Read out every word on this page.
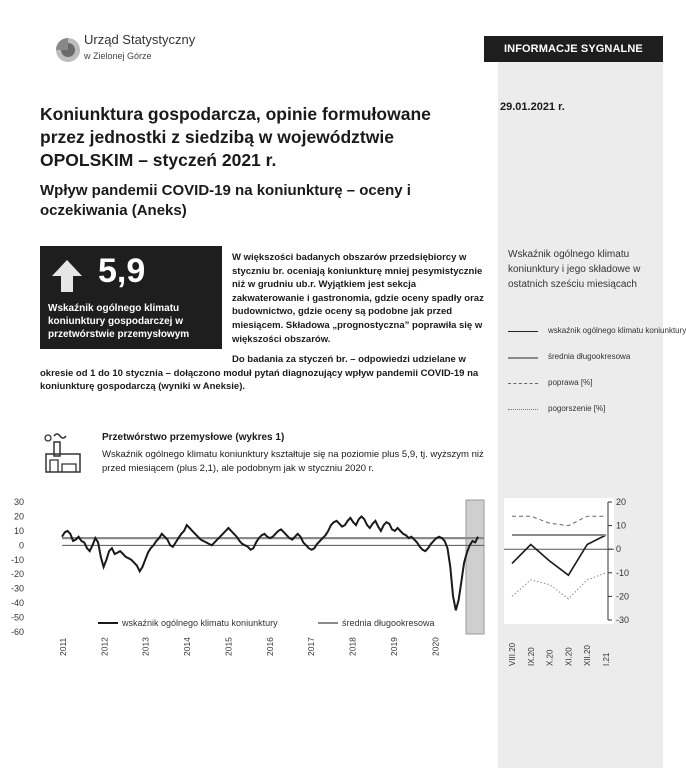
INFORMACJE SYGNALNE
29.01.2021 r.
Urząd Statystyczny
w Zielonej Górze
Koniunktura gospodarcza, opinie formułowane przez jednostki z siedzibą w województwie OPOLSKIM – styczeń 2021 r.
Wpływ pandemii COVID-19 na koniunkturę – oceny i oczekiwania (Aneks)
5,9
Wskaźnik ogólnego klimatu koniunktury gospodarczej w przetwórstwie przemysłowym
W większości badanych obszarów przedsiębiorcy w styczniu br. oceniają koniunkturę mniej pesymistycznie niż w grudniu ub.r. Wyjątkiem jest sekcja zakwaterowanie i gastronomia, gdzie oceny spadły oraz budownictwo, gdzie oceny są podobne jak przed miesiącem. Składowa „prognostyczna” poprawiła się w większości obszarów.
Do badania za styczeń br. – odpowiedzi udzielane w okresie od 1 do 10 stycznia – dołączono moduł pytań diagnozujący wpływ pandemii COVID-19 na koniunkturę gospodarczą (wyniki w Aneksie).
Wskaźnik ogólnego klimatu koniunktury i jego składowe w ostatnich sześciu miesiącach
wskaźnik ogólnego klimatu koniunktury
średnia długookresowa
poprawa [%]
pogorszenie [%]
Przetwórstwo przemysłowe (wykres 1)
Wskaźnik ogólnego klimatu koniunktury kształtuje się na poziomie plus 5,9, tj. wyższym niż przed miesiącem (plus 2,1), ale podobnym jak w styczniu 2020 r.
30
20
10
0
-10
-20
-30
-40
-50
-60
2011	2012	2013	2014	2015	2016	2017	2018	2019	2020
wskaźnik ogólnego klimatu koniunktury	średnia długookresowa
20
10
0
-10
-20
-30
VIII.20 IX.20 X.20 XI.20 XII.20 I.21
